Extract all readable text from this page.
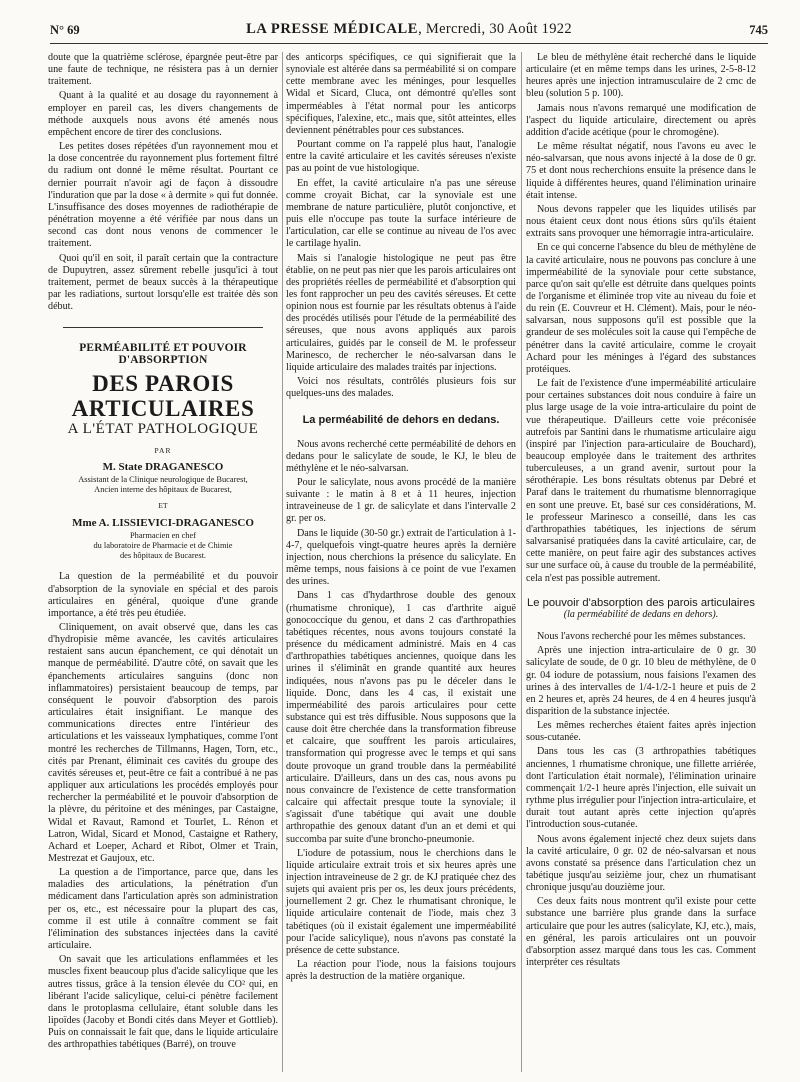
N° 69	LA PRESSE MÉDICALE, Mercredi, 30 Août 1922	745

doute que la quatrième sclérose, épargnée peut-être par une faute de technique, ne résistera pas à un dernier traitement.

Quant à la qualité et au dosage du rayonnement à employer en pareil cas, les divers changements de méthode auxquels nous avons été amenés nous empêchent encore de tirer des conclusions.

Les petites doses répétées d'un rayonnement mou et la dose concentrée du rayonnement plus fortement filtré du radium ont donné le même résultat. Pourtant ce dernier pourrait n'avoir agi de façon à dissoudre l'induration que par la dose « à dermite » qui fut donnée. L'insuffisance des doses moyennes de radiothérapie de pénétration moyenne a été vérifiée par nous dans un second cas dont nous venons de commencer le traitement.

Quoi qu'il en soit, il paraît certain que la contracture de Dupuytren, assez sûrement rebelle jusqu'ici à tout traitement, permet de beaux succès à la thérapeutique par les radiations, surtout lorsqu'elle est traitée dès son début.

PERMÉABILITÉ ET POUVOIR D'ABSORPTION
DES PAROIS ARTICULAIRES
A L'ÉTAT PATHOLOGIQUE
PAR
M. State DRAGANESCO
Assistant de la Clinique neurologique de Bucarest,
Ancien interne des hôpitaux de Bucarest,
ET
Mme A. LISSIEVICI-DRAGANESCO
Pharmacien en chef
du laboratoire de Pharmacie et de Chimie
des hôpitaux de Bucarest.

La question de la perméabilité et du pouvoir d'absorption de la synoviale en spécial et des parois articulaires en général, quoique d'une grande importance, a été très peu étudiée.

Cliniquement, on avait observé que, dans les cas d'hydropisie même avancée, les cavités articulaires restaient sans aucun épanchement, ce qui dénotait un manque de perméabilité. D'autre côté, on savait que les épanchements articulaires sanguins (donc non inflammatoires) persistaient beaucoup de temps, par conséquent le pouvoir d'absorption des parois articulaires était insignifiant. Le manque des communications directes entre l'intérieur des articulations et les vaisseaux lymphatiques, comme l'ont montré les recherches de Tillmanns, Hagen, Torn, etc., cités par Prenant, éliminait ces cavités du groupe des cavités séreuses et, peut-être ce fait a contribué à ne pas appliquer aux articulations les procédés employés pour rechercher la perméabilité et le pouvoir d'absorption de la plèvre, du péritoine et des méninges, par Castaigne, Widal et Ravaut, Ramond et Tourlet, L. Rénon et Latron, Widal, Sicard et Monod, Castaigne et Rathery, Achard et Loeper, Achard et Ribot, Olmer et Train, Mestrezat et Gaujoux, etc.

La question a de l'importance, parce que, dans les maladies des articulations, la pénétration d'un médicament dans l'articulation après son administration per os, etc., est nécessaire pour la plupart des cas, comme il est utile à connaître comment se fait l'élimination des substances injectées dans la cavité articulaire.

On savait que les articulations enflammées et les muscles fixent beaucoup plus d'acide salicylique que les autres tissus, grâce à la tension élevée du CO² qui, en libérant l'acide salicylique, celui-ci pénètre facilement dans le protoplasma cellulaire, étant soluble dans les lipoïdes (Jacoby et Bondi cités dans Meyer et Gottlieb). Puis on connaissait le fait que, dans le liquide articulaire des arthropathies tabétiques (Barré), on trouve

des anticorps spécifiques, ce qui signifierait que la synoviale est altérée dans sa perméabilité si on compare cette membrane avec les méninges, pour lesquelles Widal et Sicard, Cluca, ont démontré qu'elles sont imperméables à l'état normal pour les anticorps spécifiques, l'alexine, etc., mais que, sitôt atteintes, elles deviennent pénétrables pour ces substances.

Pourtant comme on l'a rappelé plus haut, l'analogie entre la cavité articulaire et les cavités séreuses n'existe pas au point de vue histologique.

En effet, la cavité articulaire n'a pas une séreuse comme croyait Bichat, car la synoviale est une membrane de nature particulière, plutôt conjonctive, et puis elle n'occupe pas toute la surface intérieure de l'articulation, car elle se continue au niveau de l'os avec le cartilage hyalin.

Mais si l'analogie histologique ne peut pas être établie, on ne peut pas nier que les parois articulaires ont des propriétés réelles de perméabilité et d'absorption qui les font rapprocher un peu des cavités séreuses. Et cette opinion nous est fournie par les résultats obtenus à l'aide des procédés utilisés pour l'étude de la perméabilité des séreuses, que nous avons appliqués aux parois articulaires, guidés par le conseil de M. le professeur Marinesco, de rechercher le néo-salvarsan dans le liquide articulaire des malades traités par injections.

Voici nos résultats, contrôlés plusieurs fois sur quelques-uns des malades.

La perméabilité de dehors en dedans.

Nous avons recherché cette perméabilité de dehors en dedans pour le salicylate de soude, le KJ, le bleu de méthylène et le néo-salvarsan.

Pour le salicylate, nous avons procédé de la manière suivante : le matin à 8 et à 11 heures, injection intraveineuse de 1 gr. de salicylate et dans l'intervalle 2 gr. per os.

Dans le liquide (30-50 gr.) extrait de l'articulation à 1-4-7, quelquefois vingt-quatre heures après la dernière injection, nous cherchions la présence du salicylate. En même temps, nous faisions à ce point de vue l'examen des urines.

Dans 1 cas d'hydarthrose double des genoux (rhumatisme chronique), 1 cas d'arthrite aiguë gonococcique du genou, et dans 2 cas d'arthropathies tabétiques récentes, nous avons toujours constaté la présence du médicament administré. Mais en 4 cas d'arthropathies tabétiques anciennes, quoique dans les urines il s'éliminât en grande quantité aux heures indiquées, nous n'avons pas pu le déceler dans le liquide. Donc, dans les 4 cas, il existait une imperméabilité des parois articulaires pour cette substance qui est très diffusible. Nous supposons que la cause doit être cherchée dans la transformation fibreuse et calcaire, que souffrent les parois articulaires, transformation qui progresse avec le temps et qui sans doute provoque un grand trouble dans la perméabilité articulaire. D'ailleurs, dans un des cas, nous avons pu nous convaincre de l'existence de cette transformation calcaire qui affectait presque toute la synoviale; il s'agissait d'une tabétique qui avait une double arthropathie des genoux datant d'un an et demi et qui succomba par suite d'une broncho-pneumonie.

L'iodure de potassium, nous le cherchions dans le liquide articulaire extrait trois et six heures après une injection intraveineuse de 2 gr. de KJ pratiquée chez des sujets qui avaient pris per os, les deux jours précédents, journellement 2 gr. Chez le rhumatisant chronique, le liquide articulaire contenait de l'iode, mais chez 3 tabétiques (où il existait également une imperméabilité pour l'acide salicylique), nous n'avons pas constaté la présence de cette substance.

La réaction pour l'iode, nous la faisions toujours après la destruction de la matière organique.

Le bleu de méthylène était recherché dans le liquide articulaire (et en même temps dans les urines, 2-5-8-12 heures après une injection intramusculaire de 2 cmc de bleu (solution 5 p. 100).

Jamais nous n'avons remarqué une modification de l'aspect du liquide articulaire, directement ou après addition d'acide acétique (pour le chromogène).

Le même résultat négatif, nous l'avons eu avec le néo-salvarsan, que nous avons injecté à la dose de 0 gr. 75 et dont nous recherchions ensuite la présence dans le liquide à différentes heures, quand l'élimination urinaire était intense.

Nous devons rappeler que les liquides utilisés par nous étaient ceux dont nous étions sûrs qu'ils étaient extraits sans provoquer une hémorragie intra-articulaire.

En ce qui concerne l'absence du bleu de méthylène de la cavité articulaire, nous ne pouvons pas conclure à une imperméabilité de la synoviale pour cette substance, parce qu'on sait qu'elle est détruite dans quelques points de l'organisme et éliminée trop vite au niveau du foie et du rein (E. Couvreur et H. Clément). Mais, pour le néo-salvarsan, nous supposons qu'il est possible que la grandeur de ses molécules soit la cause qui l'empêche de pénétrer dans la cavité articulaire, comme le croyait Achard pour les méninges à l'égard des substances protéiques.

Le fait de l'existence d'une imperméabilité articulaire pour certaines substances doit nous conduire à faire un plus large usage de la voie intra-articulaire du point de vue thérapeutique. D'ailleurs cette voie préconisée autrefois par Santini dans le rhumatisme articulaire aigu (inspiré par l'injection para-articulaire de Bouchard), beaucoup employée dans le traitement des arthrites tuberculeuses, a un grand avenir, surtout pour la sérothérapie. Les bons résultats obtenus par Debré et Paraf dans le traitement du rhumatisme blennorragique en sont une preuve. Et, basé sur ces considérations, M. le professeur Marinesco a conseillé, dans les cas d'arthropathies tabétiques, les injections de sérum salvarsanisé pratiquées dans la cavité articulaire, car, de cette manière, on peut faire agir des substances actives sur une surface où, à cause du trouble de la perméabilité, cela n'est pas possible autrement.

Le pouvoir d'absorption des parois articulaires
(la perméabilité de dedans en dehors).

Nous l'avons recherché pour les mêmes substances.

Après une injection intra-articulaire de 0 gr. 30 salicylate de soude, de 0 gr. 10 bleu de méthylène, de 0 gr. 04 iodure de potassium, nous faisions l'examen des urines à des intervalles de 1/4-1/2-1 heure et puis de 2 en 2 heures et, après 24 heures, de 4 en 4 heures jusqu'à disparition de la substance injectée.

Les mêmes recherches étaient faites après injection sous-cutanée.

Dans tous les cas (3 arthropathies tabétiques anciennes, 1 rhumatisme chronique, une fillette arriérée, dont l'articulation était normale), l'élimination urinaire commençait 1/2-1 heure après l'injection, elle suivait un rythme plus irrégulier pour l'injection intra-articulaire, et durait tout autant après cette injection qu'après l'introduction sous-cutanée.

Nous avons également injecté chez deux sujets dans la cavité articulaire, 0 gr. 02 de néo-salvarsan et nous avons constaté sa présence dans l'articulation chez un tabétique jusqu'au seizième jour, chez un rhumatisant chronique jusqu'au douzième jour.

Ces deux faits nous montrent qu'il existe pour cette substance une barrière plus grande dans la surface articulaire que pour les autres (salicylate, KJ, etc.), mais, en général, les parois articulaires ont un pouvoir d'absorption assez marqué dans tous les cas. Comment interpréter ces résultats
